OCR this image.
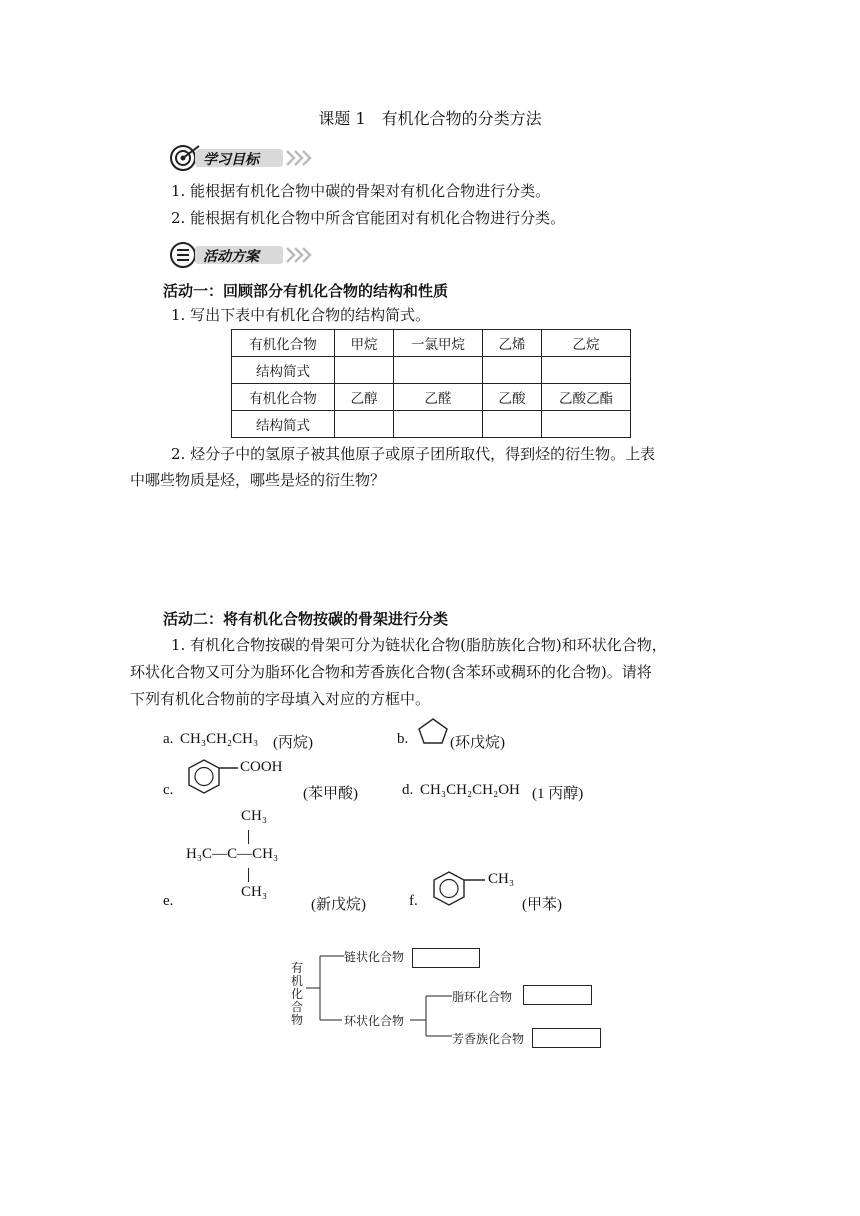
课题 1　有机化合物的分类方法
学习目标
1. 能根据有机化合物中碳的骨架对有机化合物进行分类。
2. 能根据有机化合物中所含官能团对有机化合物进行分类。
活动方案
活动一：回顾部分有机化合物的结构和性质
1. 写出下表中有机化合物的结构简式。
有机化合物	甲烷	一氯甲烷	乙烯	乙烷
结构简式				
有机化合物	乙醇	乙醛	乙酸	乙酸乙酯
结构简式				
2. 烃分子中的氢原子被其他原子或原子团所取代，得到烃的衍生物。上表
中哪些物质是烃，哪些是烃的衍生物？
活动二：将有机化合物按碳的骨架进行分类
1. 有机化合物按碳的骨架可分为链状化合物(脂肪族化合物)和环状化合物，
环状化合物又可分为脂环化合物和芳香族化合物(含苯环或稠环的化合物)。请将
下列有机化合物前的字母填入对应的方框中。
a. CH₃CH₂CH₃ (丙烷)	b.	(环戊烷)
c.
COOH
(苯甲酸)	d. CH₃CH₂CH₂OH (1 丙醇)
e.
CH₃
H₃C—C—CH₃
CH₃
(新戊烷)	f.
CH₃
(甲苯)
有
机
化
合
物
链状化合物
环状化合物
脂环化合物
芳香族化合物
